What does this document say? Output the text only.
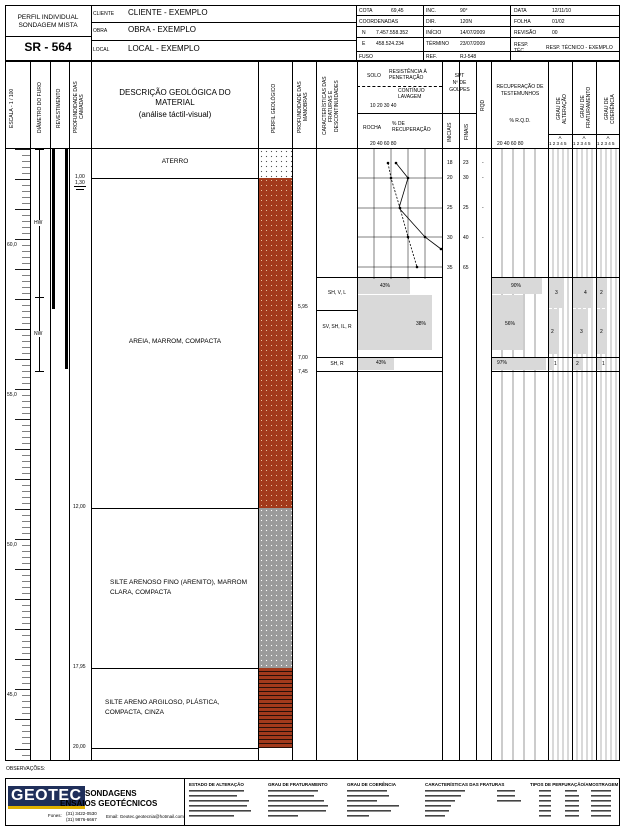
PERFIL INDIVIDUAL
SONDAGEM MISTA
SR - 564
CLIENTE CLIENTE - EXEMPLO
OBRA	OBRA - EXEMPLO
LOCAL LOCAL - EXEMPLO
COTA	69,45
COORDENADAS
N 7.457.558.352
E 458.524.234
FUSO
INC.	90°
DIR.	120N
INÍCIO	14/07/2009
TÉRMINO 23/07/2009
REF.	RJ-548
DATA	12/11/10
FOLHA	01/02
REVISÃO	00
RESP. TÉC.	RESP. TÉCNICO - EXEMPLO
ESCALA - 1 / 100	DIÂMETRO DO FURO	REVESTIMENTO PROFUNDIDADE DAS CAMADAS
DESCRIÇÃO GEOLÓGICA DO MATERIAL
(análise táctil-visual)	PERFIL GEOLÓGICO	PROFUNDIDADE DAS MANOBRAS	CARACTERÍSTICAS DAS FRATURAS E DESCONTINUIDADES
SOLO
RESISTÊNCIA À PENETRAÇÃO
CONTÍNUO
LAVAGEM
10 20 30 40
ROCHA
% DE RECUPERAÇÃO
20 40 60 80
SPT
Nº DE
GOLPES
INICIAIS FINAIS
RQD
RECUPERAÇÃO DE TESTEMUNHOS
% R.Q.D.
20 40 60 80
GRAU DE ALTERAÇÃO GRAU DE FRATURAMENTO GRAU DE COERÊNCIA
A	A	A
1 2 3 4 5 1 2 3 4 5 1 2 3 4 5
60,0
55,0
50,0
45,0
HW
NW
1,00
1,30
5,95
7,00
7,45
12,00
17,95
20,00
ATERRO
AREIA, MARROM, COMPACTA
SILTE ARENOSO FINO (ARENITO), MARROM CLARA, COMPACTA
SILTE ARENO ARGILOSO, PLÁSTICA, COMPACTA, CINZA
SH, V, L
SV, SH, IL, R
SH, R
43%
38%
43%
18 23	-
20 30	-
25 25	-
30 40	-
35 65
90%
56%
97%
3	4	2
2	3	2
1	2	1
OBSERVAÇÕES:
GEOTEC SONDAGENS
ENSAIOS GEOTÉCNICOS
Fones: (31) 3422-0530
(31) 9876-6667
Email: Geotec.geotecnia@hotmail.com
ESTADO DE ALTERAÇÃO	GRAU DE FRATURAMENTO	GRAU DE COERÊNCIA	CARACTERÍSTICAS DAS FRATURAS	TIPOS DE PERFURAÇÃO/AMOSTRAGEM
